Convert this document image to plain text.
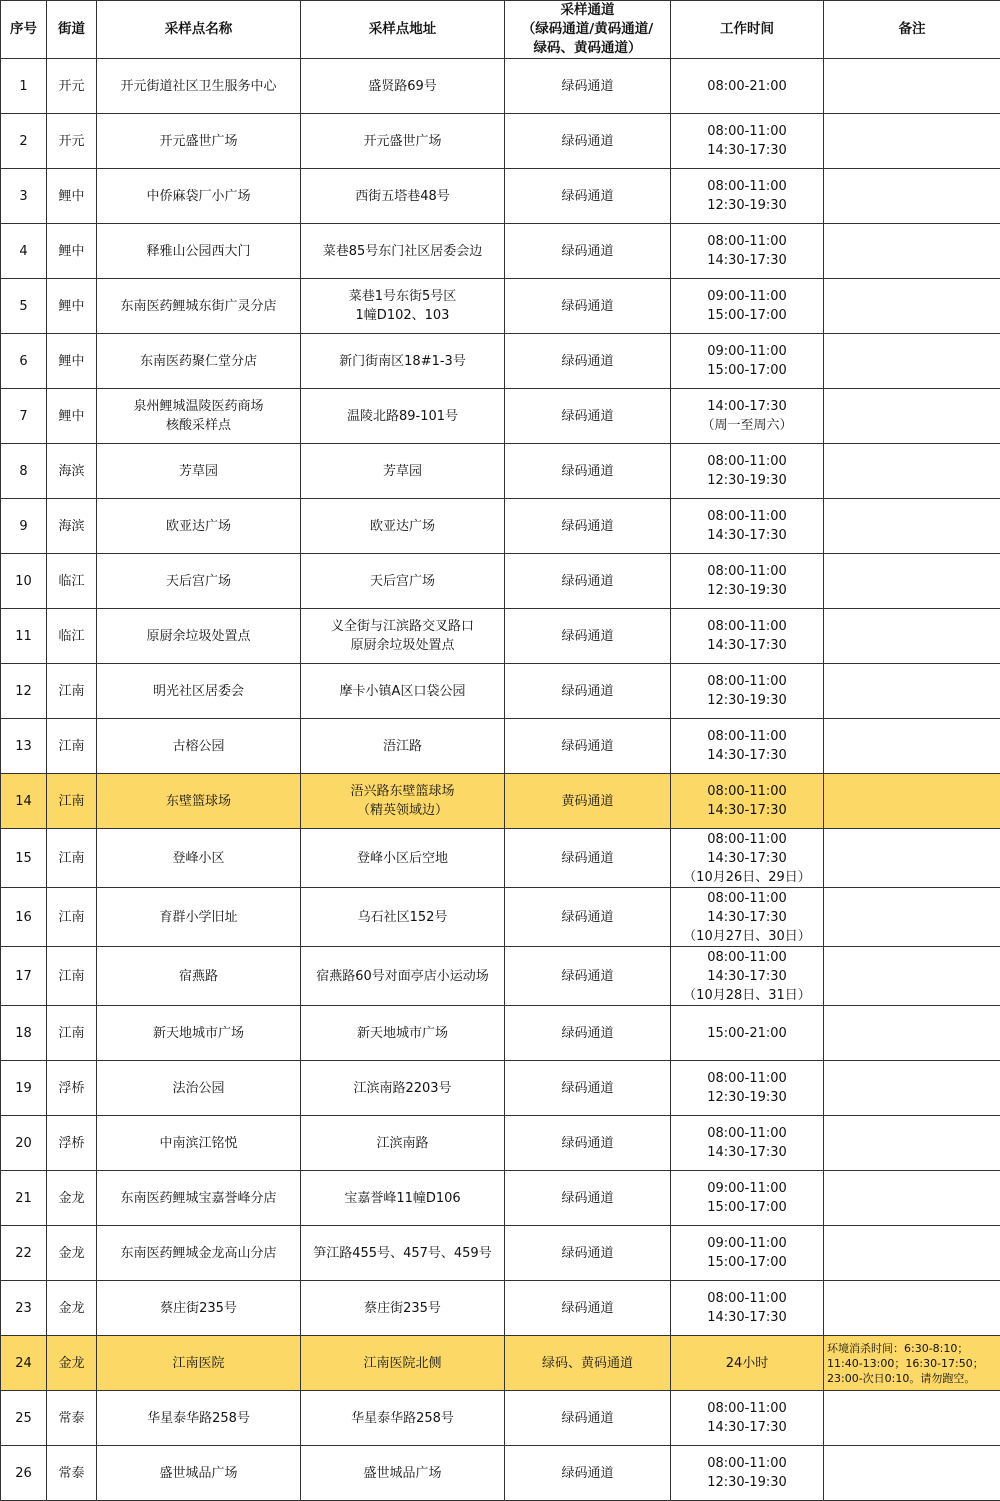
序号	街道	采样点名称	采样点地址	采样通道
（绿码通道/黄码通道/
绿码、黄码通道）	工作时间	备注
1	开元	开元街道社区卫生服务中心	盛贤路69号	绿码通道	08:00-21:00	
2	开元	开元盛世广场	开元盛世广场	绿码通道	08:00-11:00
14:30-17:30	
3	鲤中	中侨麻袋厂小广场	西街五塔巷48号	绿码通道	08:00-11:00
12:30-19:30	
4	鲤中	释雅山公园西大门	菜巷85号东门社区居委会边	绿码通道	08:00-11:00
14:30-17:30	
5	鲤中	东南医药鲤城东街广灵分店	菜巷1号东街5号区
1幢D102、103	绿码通道	09:00-11:00
15:00-17:00	
6	鲤中	东南医药聚仁堂分店	新门街南区18#1-3号	绿码通道	09:00-11:00
15:00-17:00	
7	鲤中	泉州鲤城温陵医药商场
核酸采样点	温陵北路89-101号	绿码通道	14:00-17:30
（周一至周六）	
8	海滨	芳草园	芳草园	绿码通道	08:00-11:00
12:30-19:30	
9	海滨	欧亚达广场	欧亚达广场	绿码通道	08:00-11:00
14:30-17:30	
10	临江	天后宫广场	天后宫广场	绿码通道	08:00-11:00
12:30-19:30	
11	临江	原厨余垃圾处置点	义全街与江滨路交叉路口
原厨余垃圾处置点	绿码通道	08:00-11:00
14:30-17:30	
12	江南	明光社区居委会	摩卡小镇A区口袋公园	绿码通道	08:00-11:00
12:30-19:30	
13	江南	古榕公园	浯江路	绿码通道	08:00-11:00
14:30-17:30	
14	江南	东壁篮球场	浯兴路东壁篮球场
（精英领域边）	黄码通道	08:00-11:00
14:30-17:30	
15	江南	登峰小区	登峰小区后空地	绿码通道	08:00-11:00
14:30-17:30
（10月26日、29日）	
16	江南	育群小学旧址	乌石社区152号	绿码通道	08:00-11:00
14:30-17:30
（10月27日、30日）	
17	江南	宿燕路	宿燕路60号对面亭店小运动场	绿码通道	08:00-11:00
14:30-17:30
（10月28日、31日）	
18	江南	新天地城市广场	新天地城市广场	绿码通道	15:00-21:00	
19	浮桥	法治公园	江滨南路2203号	绿码通道	08:00-11:00
12:30-19:30	
20	浮桥	中南滨江铭悦	江滨南路	绿码通道	08:00-11:00
14:30-17:30	
21	金龙	东南医药鲤城宝嘉誉峰分店	宝嘉誉峰11幢D106	绿码通道	09:00-11:00
15:00-17:00	
22	金龙	东南医药鲤城金龙高山分店	笋江路455号、457号、459号	绿码通道	09:00-11:00
15:00-17:00	
23	金龙	蔡庄街235号	蔡庄街235号	绿码通道	08:00-11:00
14:30-17:30	
24	金龙	江南医院	江南医院北侧	绿码、黄码通道	24小时	环境消杀时间：6:30-8:10；11:40-13:00；16:30-17:50；23:00-次日0:10。请勿跑空。
25	常泰	华星泰华路258号	华星泰华路258号	绿码通道	08:00-11:00
14:30-17:30	
26	常泰	盛世城品广场	盛世城品广场	绿码通道	08:00-11:00
12:30-19:30	
